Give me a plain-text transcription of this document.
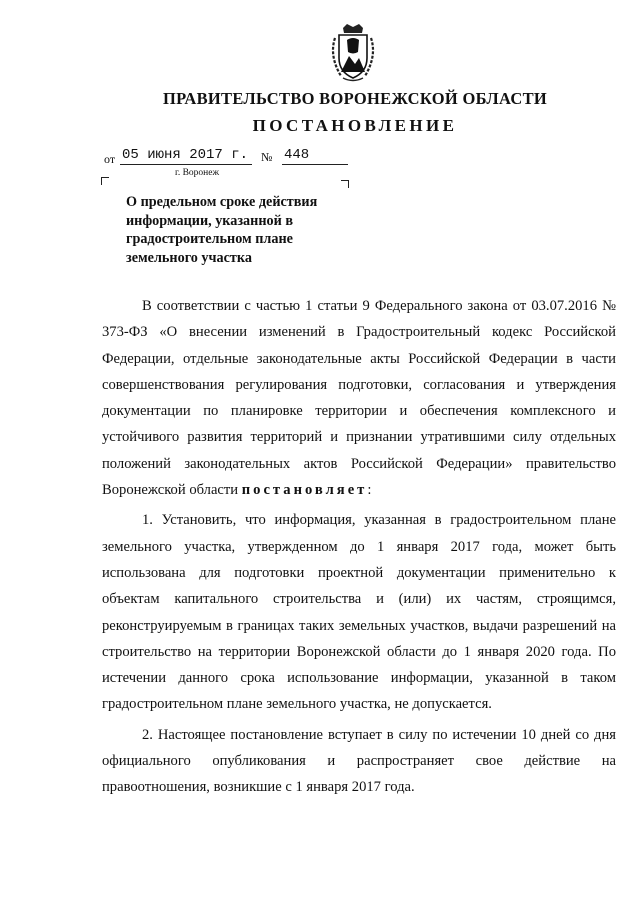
ПРАВИТЕЛЬСТВО ВОРОНЕЖСКОЙ ОБЛАСТИ
ПОСТАНОВЛЕНИЕ
от 05 июня 2017 г.	№ 448
г. Воронеж
О предельном сроке действия информации, указанной в градостроительном плане земельного участка

В соответствии с частью 1 статьи 9 Федерального закона от 03.07.2016 № 373-ФЗ «О внесении изменений в Градостроительный кодекс Российской Федерации, отдельные законодательные акты Российской Федерации в части совершенствования регулирования подготовки, согласования и утверждения документации по планировке территории и обеспечения комплексного и устойчивого развития территорий и признании утратившими силу отдельных положений законодательных актов Российской Федерации» правительство Воронежской области постановляет:

1. Установить, что информация, указанная в градостроительном плане земельного участка, утвержденном до 1 января 2017 года, может быть использована для подготовки проектной документации применительно к объектам капитального строительства и (или) их частям, строящимся, реконструируемым в границах таких земельных участков, выдачи разрешений на строительство на территории Воронежской области до 1 января 2020 года. По истечении данного срока использование информации, указанной в таком градостроительном плане земельного участка, не допускается.

2. Настоящее постановление вступает в силу по истечении 10 дней со дня официального опубликования и распространяет свое действие на правоотношения, возникшие с 1 января 2017 года.
